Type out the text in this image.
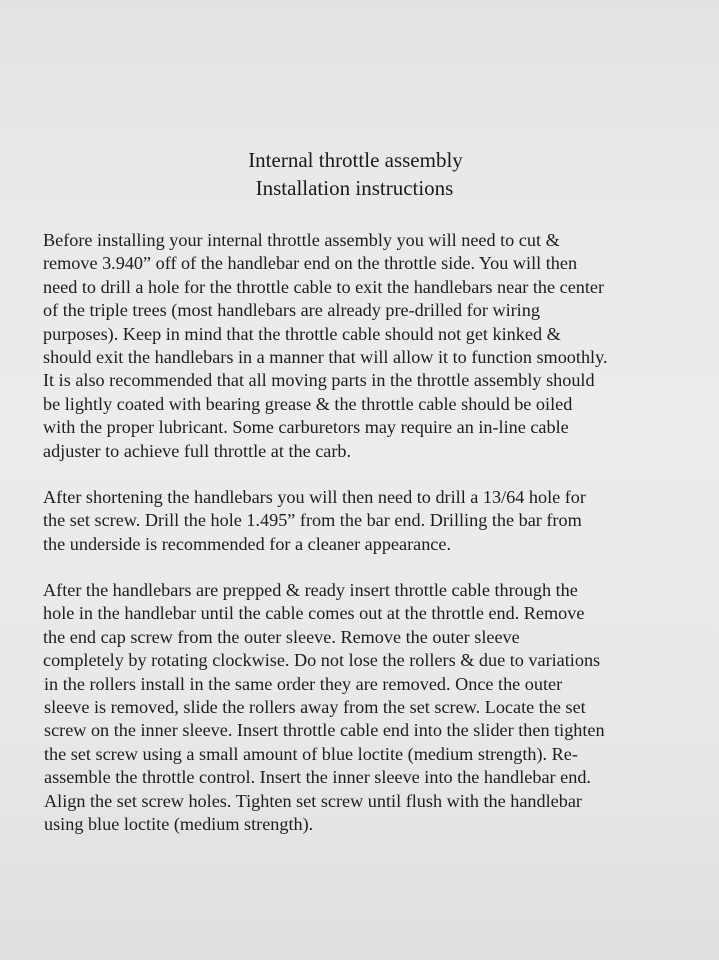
Internal throttle assembly
Installation instructions
Before installing your internal throttle assembly you will need to cut &
remove 3.940” off of the handlebar end on the throttle side. You will then
need to drill a hole for the throttle cable to exit the handlebars near the center
of the triple trees (most handlebars are already pre-drilled for wiring
purposes). Keep in mind that the throttle cable should not get kinked &
should exit the handlebars in a manner that will allow it to function smoothly.
It is also recommended that all moving parts in the throttle assembly should
be lightly coated with bearing grease & the throttle cable should be oiled
with the proper lubricant. Some carburetors may require an in-line cable
adjuster to achieve full throttle at the carb.
After shortening the handlebars you will then need to drill a 13/64 hole for
the set screw. Drill the hole 1.495” from the bar end. Drilling the bar from
the underside is recommended for a cleaner appearance.
After the handlebars are prepped & ready insert throttle cable through the
hole in the handlebar until the cable comes out at the throttle end. Remove
the end cap screw from the outer sleeve. Remove the outer sleeve
completely by rotating clockwise. Do not lose the rollers & due to variations
in the rollers install in the same order they are removed. Once the outer
sleeve is removed, slide the rollers away from the set screw. Locate the set
screw on the inner sleeve. Insert throttle cable end into the slider then tighten
the set screw using a small amount of blue loctite (medium strength). Re-
assemble the throttle control. Insert the inner sleeve into the handlebar end.
Align the set screw holes. Tighten set screw until flush with the handlebar
using blue loctite (medium strength).
